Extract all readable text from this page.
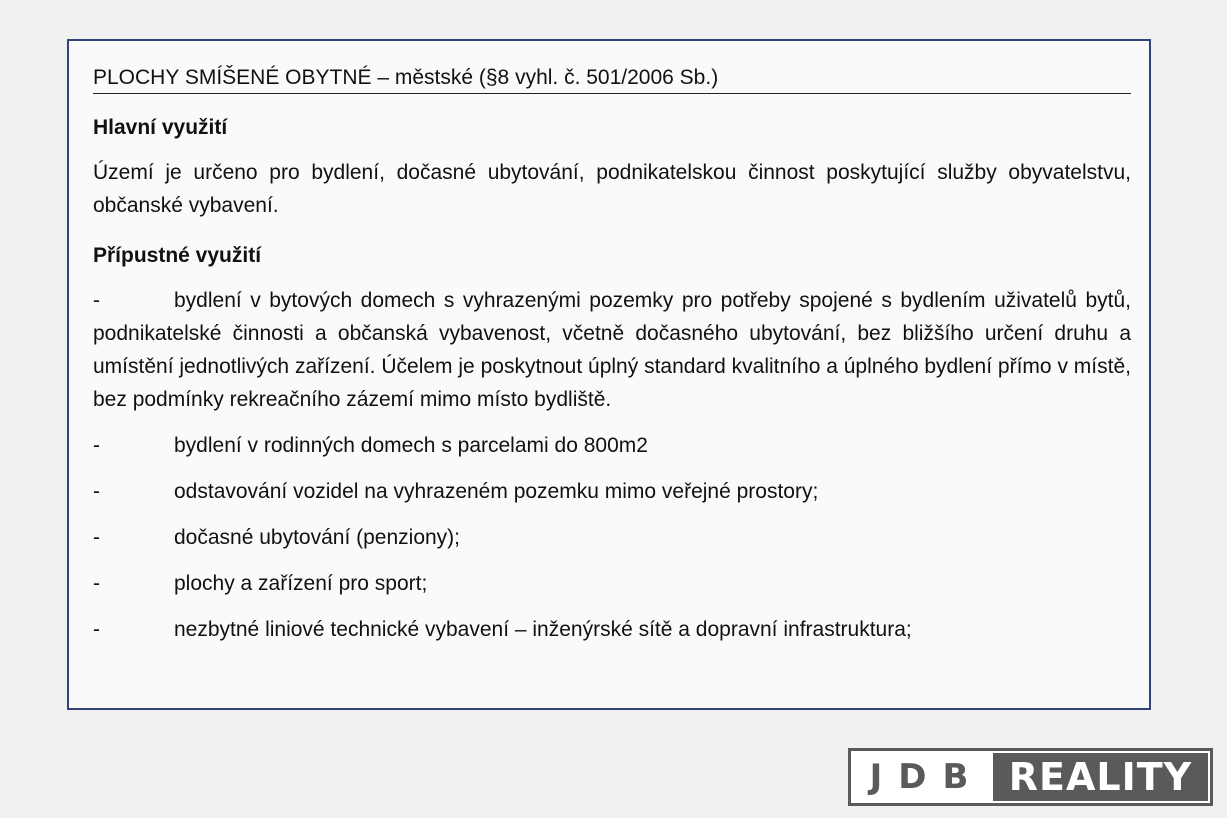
PLOCHY SMÍŠENÉ OBYTNÉ – městské (§8 vyhl. č. 501/2006 Sb.)
Hlavní využití
Území je určeno pro bydlení, dočasné ubytování, podnikatelskou činnost poskytující služby obyvatelstvu, občanské vybavení.
Přípustné využití
-	bydlení v bytových domech s vyhrazenými pozemky pro potřeby spojené s bydlením uživatelů bytů, podnikatelské činnosti a občanská vybavenost, včetně dočasného ubytování, bez bližšího určení druhu a umístění jednotlivých zařízení. Účelem je poskytnout úplný standard kvalitního a úplného bydlení přímo v místě, bez podmínky rekreačního zázemí mimo místo bydliště.
-	bydlení v rodinných domech s parcelami do 800m2
-	odstavování vozidel na vyhrazeném pozemku mimo veřejné prostory;
-	dočasné ubytování (penziony);
-	plochy a zařízení pro sport;
-	nezbytné liniové technické vybavení – inženýrské sítě a dopravní infrastruktura;
JDB REALITY
